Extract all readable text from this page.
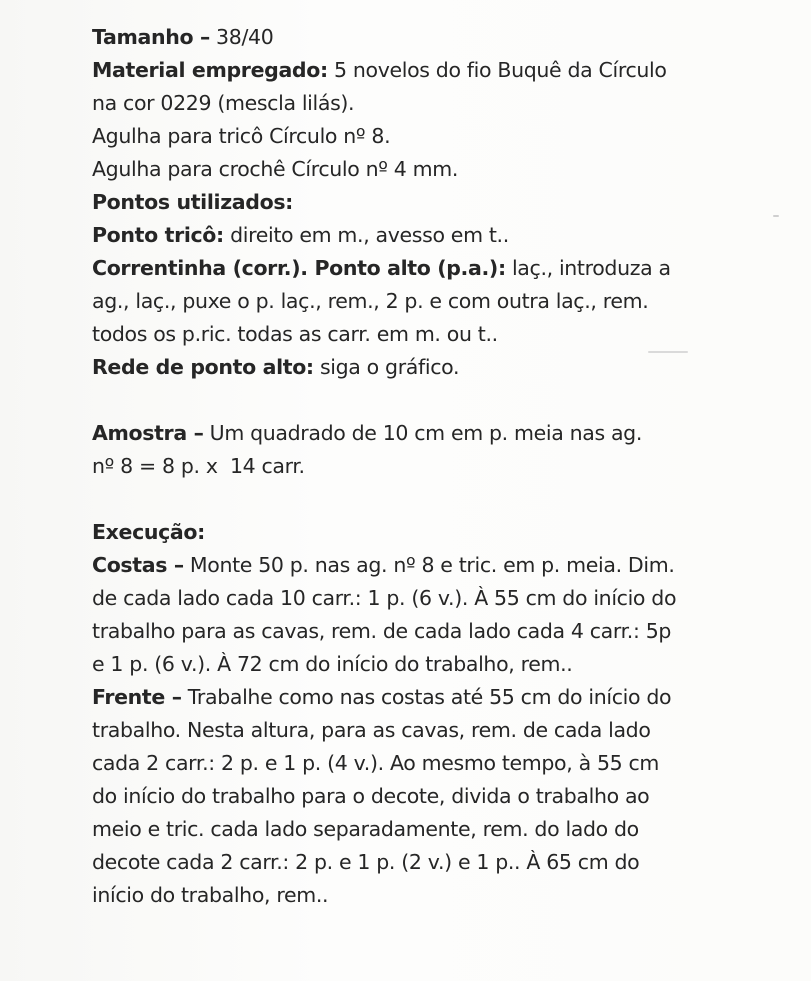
Tamanho – 38/40
Material empregado: 5 novelos do fio Buquê da Círculo
na cor 0229 (mescla lilás).
Agulha para tricô Círculo nº 8.
Agulha para crochê Círculo nº 4 mm.
Pontos utilizados:
Ponto tricô: direito em m., avesso em t..
Correntinha (corr.). Ponto alto (p.a.): laç., introduza a
ag., laç., puxe o p. laç., rem., 2 p. e com outra laç., rem.
todos os p.ric. todas as carr. em m. ou t..
Rede de ponto alto: siga o gráfico.
Amostra – Um quadrado de 10 cm em p. meia nas ag.
nº 8 = 8 p. x  14 carr.
Execução:
Costas – Monte 50 p. nas ag. nº 8 e tric. em p. meia. Dim.
de cada lado cada 10 carr.: 1 p. (6 v.). À 55 cm do início do
trabalho para as cavas, rem. de cada lado cada 4 carr.: 5p
e 1 p. (6 v.). À 72 cm do início do trabalho, rem..
Frente – Trabalhe como nas costas até 55 cm do início do
trabalho. Nesta altura, para as cavas, rem. de cada lado
cada 2 carr.: 2 p. e 1 p. (4 v.). Ao mesmo tempo, à 55 cm
do início do trabalho para o decote, divida o trabalho ao
meio e tric. cada lado separadamente, rem. do lado do
decote cada 2 carr.: 2 p. e 1 p. (2 v.) e 1 p.. À 65 cm do
início do trabalho, rem..
